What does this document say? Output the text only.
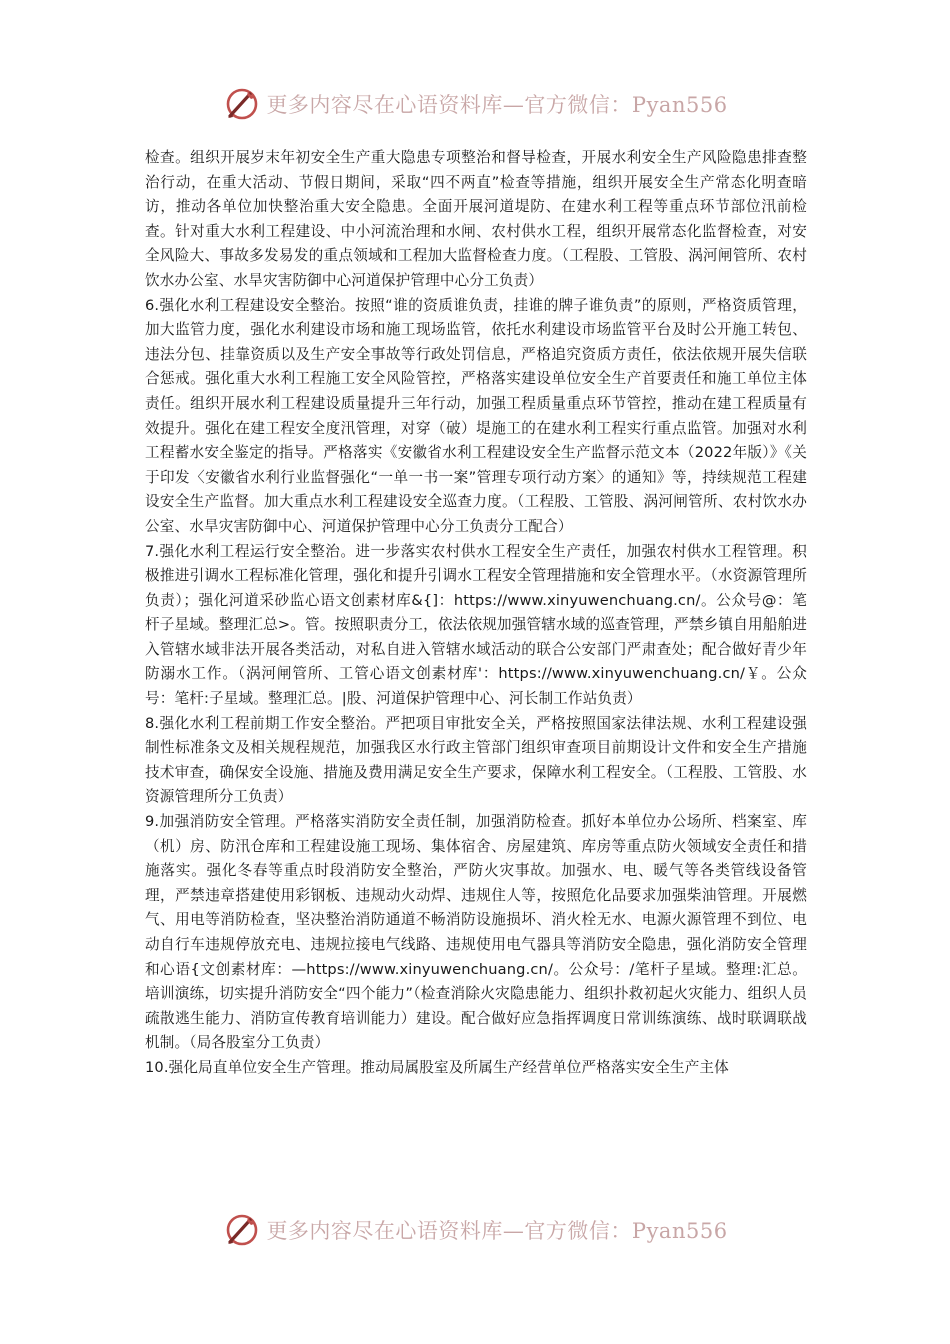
更多内容尽在心语资料库—官方微信：Pyan556

检查。组织开展岁末年初安全生产重大隐患专项整治和督导检查，开展水利安全生产风险隐患排查整治行动，在重大活动、节假日期间，采取“四不两直”检查等措施，组织开展安全生产常态化明查暗访，推动各单位加快整治重大安全隐患。全面开展河道堤防、在建水利工程等重点环节部位汛前检查。针对重大水利工程建设、中小河流治理和水闸、农村供水工程，组织开展常态化监督检查，对安全风险大、事故多发易发的重点领域和工程加大监督检查力度。（工程股、工管股、涡河闸管所、农村饮水办公室、水旱灾害防御中心河道保护管理中心分工负责）

6.强化水利工程建设安全整治。按照“谁的资质谁负责，挂谁的牌子谁负责”的原则，严格资质管理，加大监管力度，强化水利建设市场和施工现场监管，依托水利建设市场监管平台及时公开施工转包、违法分包、挂靠资质以及生产安全事故等行政处罚信息，严格追究资质方责任，依法依规开展失信联合惩戒。强化重大水利工程施工安全风险管控，严格落实建设单位安全生产首要责任和施工单位主体责任。组织开展水利工程建设质量提升三年行动，加强工程质量重点环节管控，推动在建工程质量有效提升。强化在建工程安全度汛管理，对穿（破）堤施工的在建水利工程实行重点监管。加强对水利工程蓄水安全鉴定的指导。严格落实《安徽省水利工程建设安全生产监督示范文本（2022年版）》《关于印发〈安徽省水利行业监督强化“一单一书一案”管理专项行动方案〉的通知》等，持续规范工程建设安全生产监督。加大重点水利工程建设安全巡查力度。（工程股、工管股、涡河闸管所、农村饮水办公室、水旱灾害防御中心、河道保护管理中心分工负责分工配合）

7.强化水利工程运行安全整治。进一步落实农村供水工程安全生产责任，加强农村供水工程管理。积极推进引调水工程标准化管理，强化和提升引调水工程安全管理措施和安全管理水平。（水资源管理所负责）；强化河道采砂监心语文创素材库&{]：https://www.xinyuwenchuang.cn/。公众号@：笔杆子星域。整理汇总>。管。按照职责分工，依法依规加强管辖水域的巡查管理，严禁乡镇自用船舶进入管辖水域非法开展各类活动，对私自进入管辖水域活动的联合公安部门严肃查处；配合做好青少年防溺水工作。（涡河闸管所、工管心语文创素材库'：https://www.xinyuwenchuang.cn/￥。公众号：笔杆:子星域。整理汇总。|股、河道保护管理中心、河长制工作站负责）

8.强化水利工程前期工作安全整治。严把项目审批安全关，严格按照国家法律法规、水利工程建设强制性标准条文及相关规程规范，加强我区水行政主管部门组织审查项目前期设计文件和安全生产措施技术审查，确保安全设施、措施及费用满足安全生产要求，保障水利工程安全。（工程股、工管股、水资源管理所分工负责）

9.加强消防安全管理。严格落实消防安全责任制，加强消防检查。抓好本单位办公场所、档案室、库（机）房、防汛仓库和工程建设施工现场、集体宿舍、房屋建筑、库房等重点防火领域安全责任和措施落实。强化冬春等重点时段消防安全整治，严防火灾事故。加强水、电、暖气等各类管线设备管理，严禁违章搭建使用彩钢板、违规动火动焊、违规住人等，按照危化品要求加强柴油管理。开展燃气、用电等消防检查，坚决整治消防通道不畅消防设施损坏、消火栓无水、电源火源管理不到位、电动自行车违规停放充电、违规拉接电气线路、违规使用电气器具等消防安全隐患，强化消防安全管理和心语{文创素材库：—https://www.xinyuwenchuang.cn/。公众号：/笔杆子星域。整理:汇总。培训演练，切实提升消防安全“四个能力”（检查消除火灾隐患能力、组织扑救初起火灾能力、组织人员疏散逃生能力、消防宣传教育培训能力）建设。配合做好应急指挥调度日常训练演练、战时联调联战机制。（局各股室分工负责）

10.强化局直单位安全生产管理。推动局属股室及所属生产经营单位严格落实安全生产主体

更多内容尽在心语资料库—官方微信：Pyan556
